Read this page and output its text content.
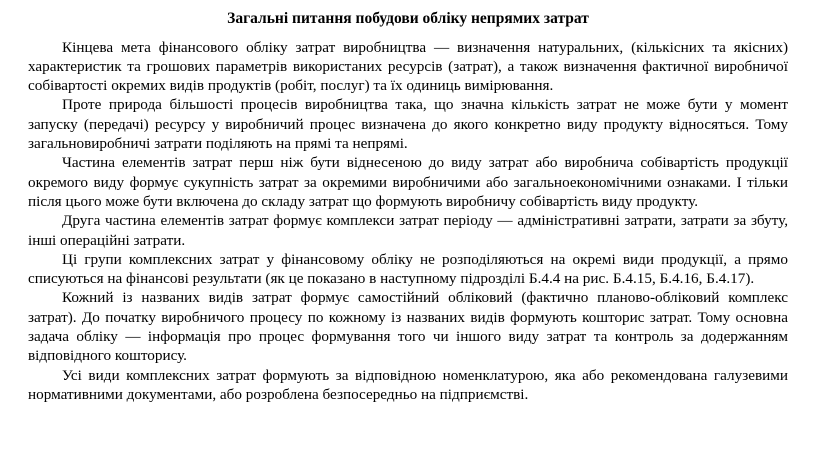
Загальні питання побудови обліку непрямих затрат

Кінцева мета фінансового обліку затрат виробництва — визначення натуральних, (кількісних та якісних) характеристик та грошових параметрів використаних ресурсів (затрат), а також визначення фактичної виробничої собівартості окремих видів продуктів (робіт, послуг) та їх одиниць вимірювання.

Проте природа більшості процесів виробництва така, що значна кількість затрат не може бути у момент запуску (передачі) ресурсу у виробничий процес визначена до якого конкретно виду продукту відносяться. Тому загальновиробничі затрати поділяють на прямі та непрямі.

Частина елементів затрат перш ніж бути віднесеною до виду затрат або виробнича собівартість продукції окремого виду формує сукупність затрат за окремими виробничими або загальноекономічними ознаками. І тільки після цього може бути включена до складу затрат що формують виробничу собівартість виду продукту.

Друга частина елементів затрат формує комплекси затрат періоду — адміністративні затрати, затрати за збуту, інші операційні затрати.

Ці групи комплексних затрат у фінансовому обліку не розподіляються на окремі види продукції, а прямо списуються на фінансові результати (як це показано в наступному підрозділі Б.4.4 на рис. Б.4.15, Б.4.16, Б.4.17).

Кожний із названих видів затрат формує самостійний обліковий (фактично планово-обліковий комплекс затрат). До початку виробничого процесу по кожному із названих видів формують кошторис затрат. Тому основна задача обліку — інформація про процес формування того чи іншого виду затрат та контроль за додержанням відповідного кошторису.

Усі види комплексних затрат формують за відповідною номенклатурою, яка або рекомендована галузевими нормативними документами, або розроблена безпосередньо на підприємстві.
